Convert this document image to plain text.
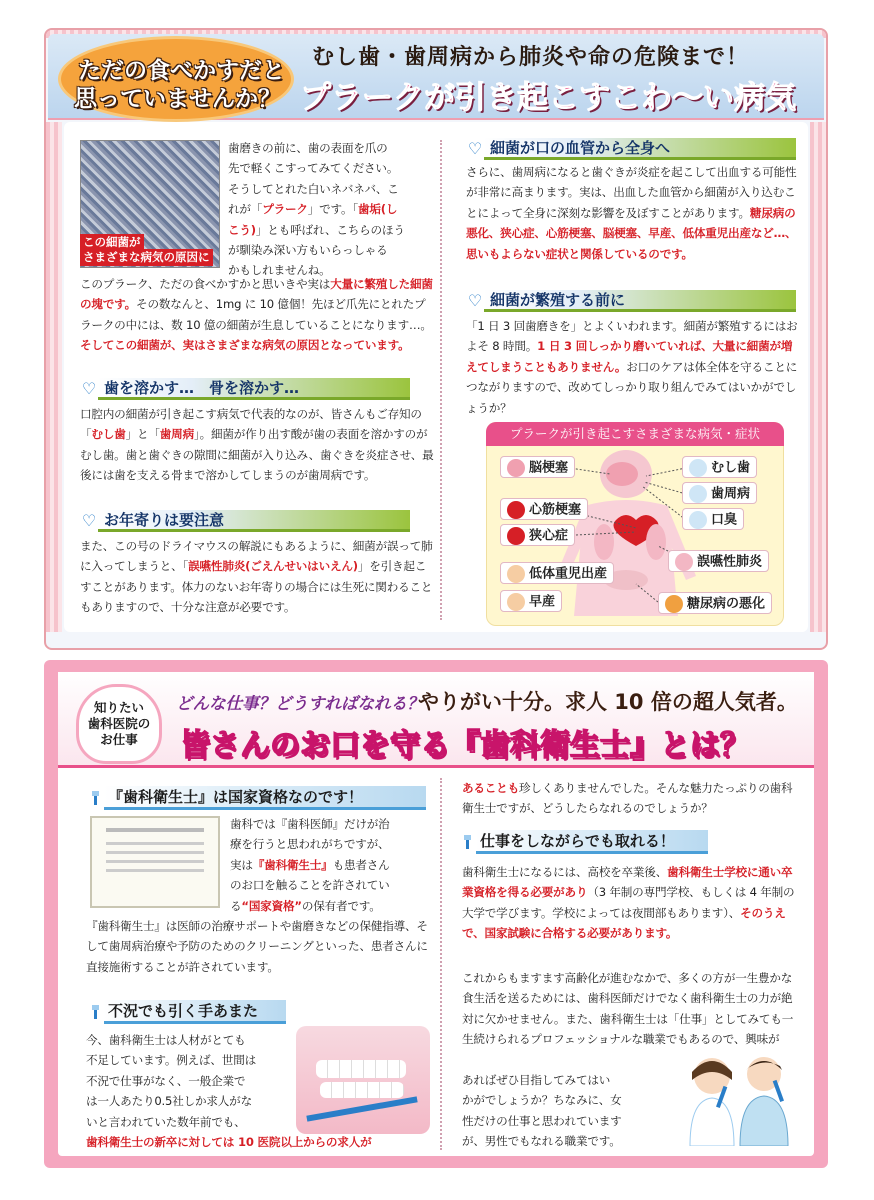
ただの食べかすだと
思っていませんか？
むし歯・歯周病から肺炎や命の危険まで！
プラークが引き起こすこわ〜い病気
この細菌が
さまざまな病気の原因に

歯磨きの前に、歯の表面を爪の

先で軽くこすってみてください。

そうしてとれた白いネバネバ、こ

れが「プラーク」です。「歯垢(し

こう)」とも呼ばれ、こちらのほう

が馴染み深い方もいらっしゃる

かもしれませんね。

このプラーク、ただの食べかすかと思いきや実は大量に繁殖した細菌の塊です。その数なんと、1mg に 10 億個！先ほど爪先にとれたプラークの中には、数 10 億の細菌が生息していることになります…。そしてこの細菌が、実はさまざまな病気の原因となっています。

♡ 歯を溶かす…　骨を溶かす…

口腔内の細菌が引き起こす病気で代表的なのが、皆さんもご存知の「むし歯」と「歯周病」。細菌が作り出す酸が歯の表面を溶かすのがむし歯。歯と歯ぐきの隙間に細菌が入り込み、歯ぐきを炎症させ、最後には歯を支える骨まで溶かしてしまうのが歯周病です。

♡ お年寄りは要注意

また、この号のドライマウスの解説にもあるように、細菌が誤って肺に入ってしまうと、「誤嚥性肺炎(ごえんせいはいえん)」を引き起こすことがあります。体力のないお年寄りの場合には生死に関わることもありますので、十分な注意が必要です。

♡ 細菌が口の血管から全身へ

さらに、歯周病になると歯ぐきが炎症を起こして出血する可能性が非常に高まります。実は、出血した血管から細菌が入り込むことによって全身に深刻な影響を及ぼすことがあります。糖尿病の悪化、狭心症、心筋梗塞、脳梗塞、早産、低体重児出産など…、思いもよらない症状と関係しているのです。

♡ 細菌が繁殖する前に

「1 日 3 回歯磨きを」とよくいわれます。細菌が繁殖するにはおよそ 8 時間。1 日 3 回しっかり磨いていれば、大量に細菌が増えてしまうこともありません。お口のケアは体全体を守ることにつながりますので、改めてしっかり取り組んでみてはいかがでしょうか？

プラークが引き起こすさまざまな病気・症状
脳梗塞
心筋梗塞
狭心症
低体重児出産
早産
むし歯
歯周病
口臭
誤嚥性肺炎
糖尿病の悪化
知りたい
歯科医院の
お仕事
どんな仕事？どうすればなれる？
やりがい十分。求人 10 倍の超人気者。
皆さんのお口を守る『歯科衛生士』とは？
『歯科衛生士』は国家資格なのです！

歯科では『歯科医師』だけが治

療を行うと思われがちですが、

実は『歯科衛生士』も患者さん

のお口を触ることを許されてい

る“国家資格”の保有者です。

『歯科衛生士』は医師の治療サポートや歯磨きなどの保健指導、そして歯周病治療や予防のためのクリーニングといった、患者さんに直接施術することが許されています。

不況でも引く手あまた

今、歯科衛生士は人材がとても

不足しています。例えば、世間は

不況で仕事がなく、一般企業で

は一人あたり0.5社しか求人がな

いと言われていた数年前でも、

歯科衛生士の新卒に対しては 10 医院以上からの求人が

あることも珍しくありませんでした。そんな魅力たっぷりの歯科衛生士ですが、どうしたらなれるのでしょうか？

仕事をしながらでも取れる！

歯科衛生士になるには、高校を卒業後、歯科衛生士学校に通い卒業資格を得る必要があり（3 年制の専門学校、もしくは 4 年制の大学で学びます。学校によっては夜間部もあります）、そのうえで、国家試験に合格する必要があります。

これからもますます高齢化が進むなかで、多くの方が一生豊かな食生活を送るためには、歯科医師だけでなく歯科衛生士の力が絶対に欠かせません。また、歯科衛生士は「仕事」としてみても一生続けられるプロフェッショナルな職業でもあるので、興味が

あればぜひ目指してみてはい

かがでしょうか？ちなみに、女

性だけの仕事と思われています

が、男性でもなれる職業です。
